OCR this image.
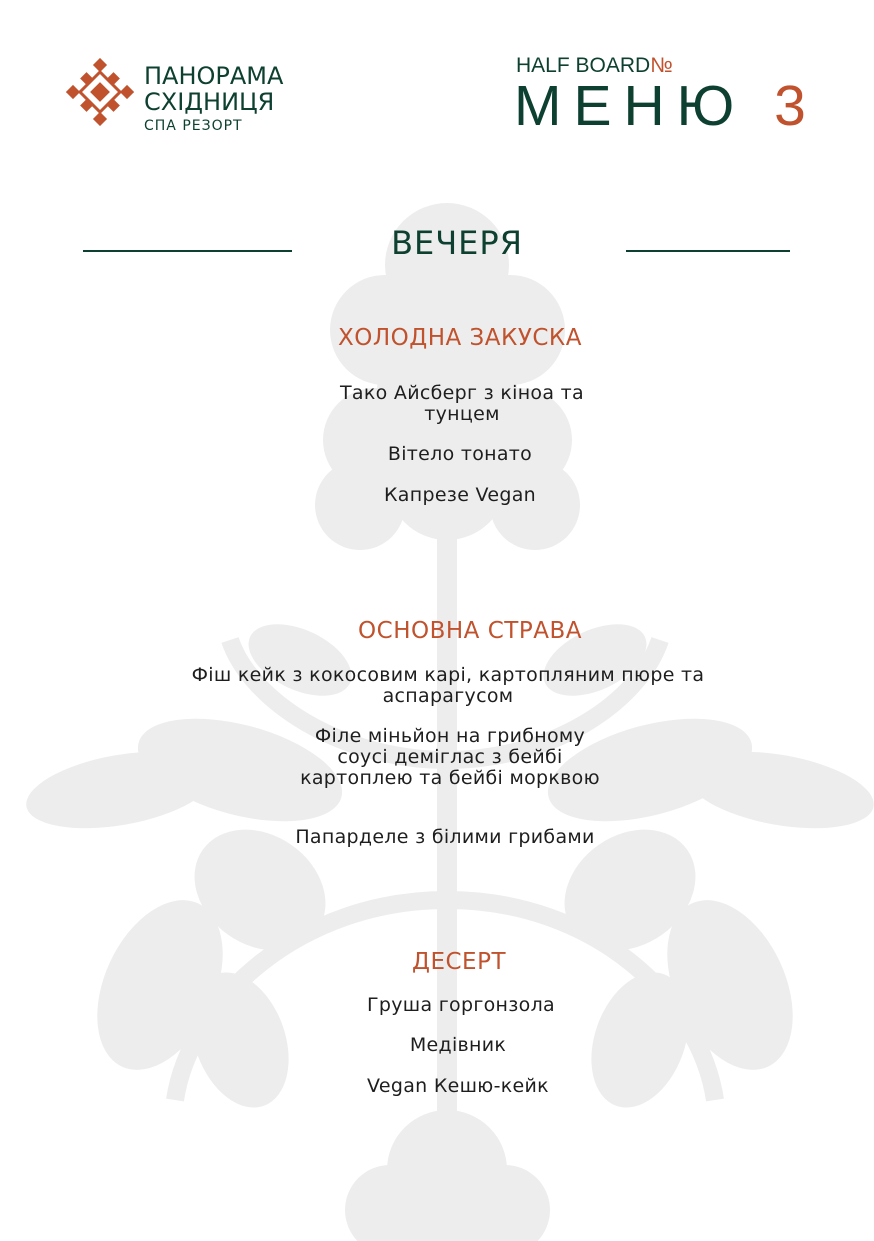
ПАНОРАМА
СХІДНИЦЯ
СПА РЕЗОРТ
HALF BOARD№
МЕНЮ 3
ВЕЧЕРЯ
ХОЛОДНА ЗАКУСКА
Тако Айсберг з кіноа та тунцем
Вітело тонато
Капрезе Vegan
ОСНОВНА СТРАВА
Фіш кейк з кокосовим карі, картопляним пюре та аспарагусом
Філе міньйон на грибному соусі деміглас з бейбі картоплею та бейбі морквою
Папарделе з білими грибами
ДЕСЕРТ
Груша горгонзола
Медівник
Vegan Кешю-кейк
